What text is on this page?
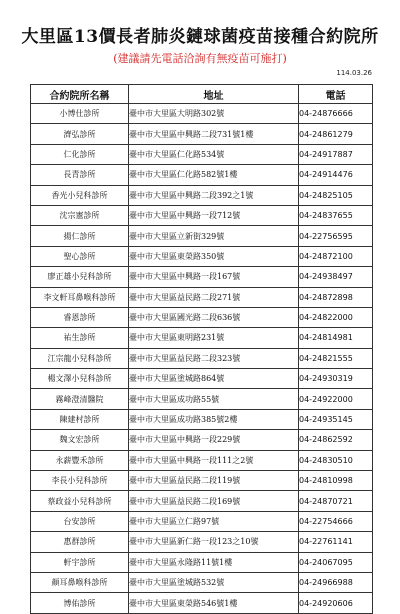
大里區13價長者肺炎鏈球菌疫苗接種合約院所
(建議請先電話洽詢有無疫苗可施打)
114.03.26
合約院所名稱	地址	電話
小博仕診所	臺中市大里區大明路302號	04-24876666
濟弘診所	臺中市大里區中興路二段731號1樓	04-24861279
仁化診所	臺中市大里區仁化路534號	04-24917887
長青診所	臺中市大里區仁化路582號1樓	04-24914476
香光小兒科診所	臺中市大里區中興路二段392之1號	04-24825105
沈宗憲診所	臺中市大里區中興路一段712號	04-24837655
揚仁診所	臺中市大里區立新街329號	04-22756595
聖心診所	臺中市大里區東榮路350號	04-24872100
廖正雄小兒科診所	臺中市大里區中興路一段167號	04-24938497
李文軒耳鼻喉科診所	臺中市大里區益民路二段271號	04-24872898
睿恩診所	臺中市大里區國光路二段636號	04-24822000
祐生診所	臺中市大里區東明路231號	04-24814981
江宗龍小兒科診所	臺中市大里區益民路二段323號	04-24821555
楊文澤小兒科診所	臺中市大里區塗城路864號	04-24930319
霧峰澄清醫院	臺中市大里區成功路55號	04-24922000
陳建村診所	臺中市大里區成功路385號2樓	04-24935145
魏文宏診所	臺中市大里區中興路一段229號	04-24862592
永薪豐禾診所	臺中市大里區中興路一段111之2號	04-24830510
李長小兒科診所	臺中市大里區益民路二段119號	04-24810998
蔡政益小兒科診所	臺中市大里區益民路二段169號	04-24870721
台安診所	臺中市大里區立仁路97號	04-22754666
惠群診所	臺中市大里區新仁路一段123之10號	04-22761141
軒宇診所	臺中市大里區永隆路11號1樓	04-24067095
顏耳鼻喉科診所	臺中市大里區塗城路532號	04-24966988
博佑診所	臺中市大里區東榮路546號1樓	04-24920606
